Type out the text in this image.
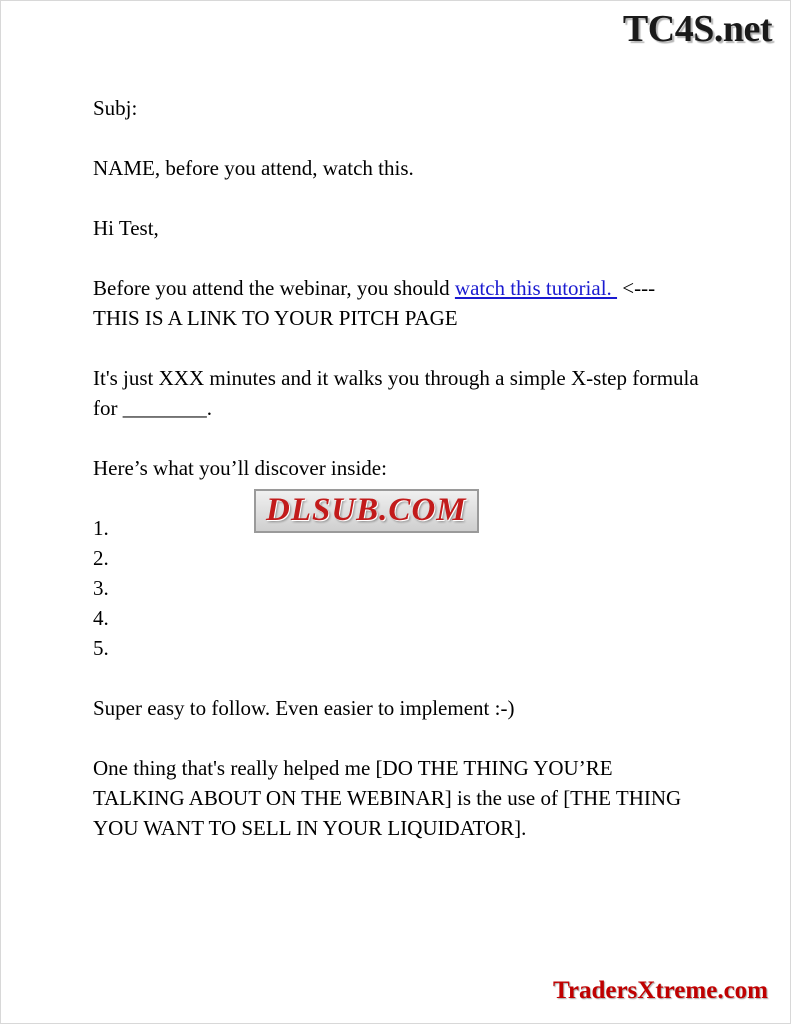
TC4S.net

Subj:

NAME, before you attend, watch this.

Hi Test,

Before you attend the webinar, you should watch this tutorial.  <--- THIS IS A LINK TO YOUR PITCH PAGE

It's just XXX minutes and it walks you through a simple X-step formula for ________.

Here’s what you’ll discover inside:

1.
2.
3.
4.
5.

Super easy to follow. Even easier to implement :-)

One thing that's really helped me [DO THE THING YOU’RE TALKING ABOUT ON THE WEBINAR] is the use of [THE THING YOU WANT TO SELL IN YOUR LIQUIDATOR].

DLSUB.COM
TradersXtreme.com
